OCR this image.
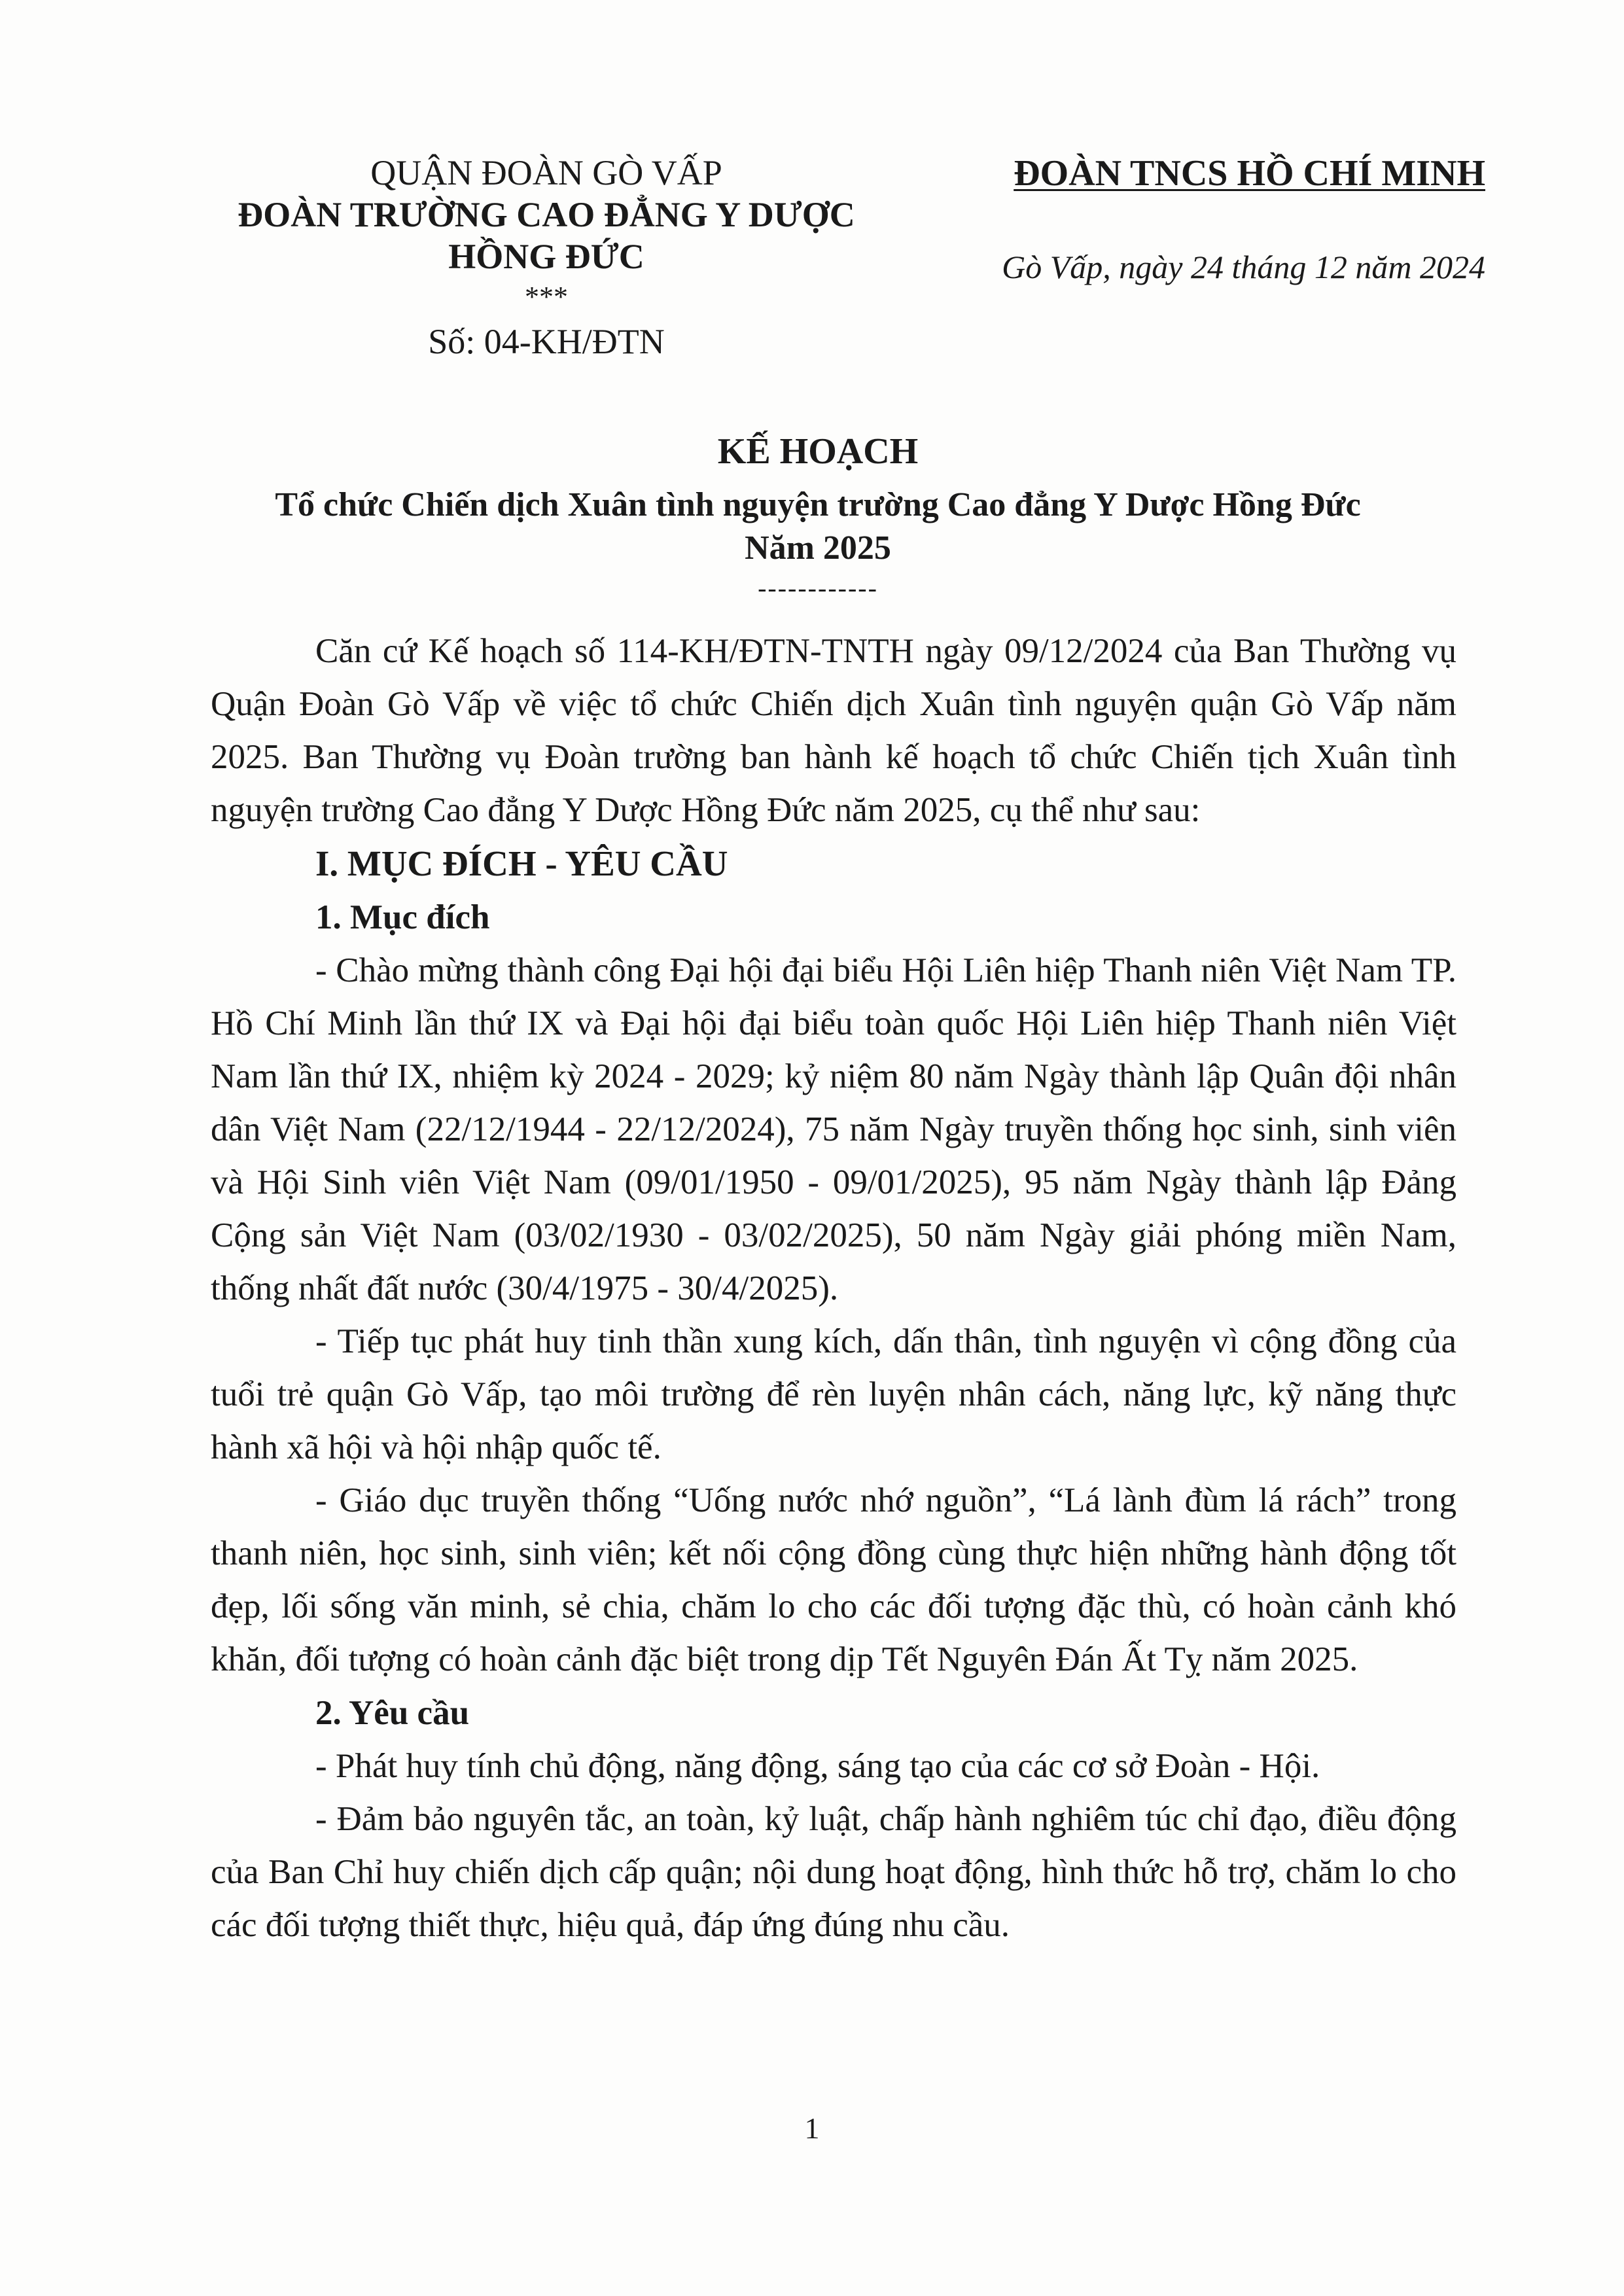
QUẬN ĐOÀN GÒ VẤP
ĐOÀN TRƯỜNG CAO ĐẲNG Y DƯỢC
HỒNG ĐỨC
***
Số: 04-KH/ĐTN
ĐOÀN TNCS HỒ CHÍ MINH
Gò Vấp, ngày 24 tháng 12 năm 2024
KẾ HOẠCH
Tổ chức Chiến dịch Xuân tình nguyện trường Cao đẳng Y Dược Hồng Đức
Năm 2025
------------

Căn cứ Kế hoạch số 114-KH/ĐTN-TNTH ngày 09/12/2024 của Ban Thường vụ Quận Đoàn Gò Vấp về việc tổ chức Chiến dịch Xuân tình nguyện quận Gò Vấp năm 2025. Ban Thường vụ Đoàn trường ban hành kế hoạch tổ chức Chiến tịch Xuân tình nguyện trường Cao đẳng Y Dược Hồng Đức năm 2025, cụ thể như sau:

I. MỤC ĐÍCH - YÊU CẦU
1. Mục đích

- Chào mừng thành công Đại hội đại biểu Hội Liên hiệp Thanh niên Việt Nam TP. Hồ Chí Minh lần thứ IX và Đại hội đại biểu toàn quốc Hội Liên hiệp Thanh niên Việt Nam lần thứ IX, nhiệm kỳ 2024 - 2029; kỷ niệm 80 năm Ngày thành lập Quân đội nhân dân Việt Nam (22/12/1944 - 22/12/2024), 75 năm Ngày truyền thống học sinh, sinh viên và Hội Sinh viên Việt Nam (09/01/1950 - 09/01/2025), 95 năm Ngày thành lập Đảng Cộng sản Việt Nam (03/02/1930 - 03/02/2025), 50 năm Ngày giải phóng miền Nam, thống nhất đất nước (30/4/1975 - 30/4/2025).

- Tiếp tục phát huy tinh thần xung kích, dấn thân, tình nguyện vì cộng đồng của tuổi trẻ quận Gò Vấp, tạo môi trường để rèn luyện nhân cách, năng lực, kỹ năng thực hành xã hội và hội nhập quốc tế.

- Giáo dục truyền thống “Uống nước nhớ nguồn”, “Lá lành đùm lá rách” trong thanh niên, học sinh, sinh viên; kết nối cộng đồng cùng thực hiện những hành động tốt đẹp, lối sống văn minh, sẻ chia, chăm lo cho các đối tượng đặc thù, có hoàn cảnh khó khăn, đối tượng có hoàn cảnh đặc biệt trong dịp Tết Nguyên Đán Ất Tỵ năm 2025.

2. Yêu cầu

- Phát huy tính chủ động, năng động, sáng tạo của các cơ sở Đoàn - Hội.

- Đảm bảo nguyên tắc, an toàn, kỷ luật, chấp hành nghiêm túc chỉ đạo, điều động của Ban Chỉ huy chiến dịch cấp quận; nội dung hoạt động, hình thức hỗ trợ, chăm lo cho các đối tượng thiết thực, hiệu quả, đáp ứng đúng nhu cầu.

1
